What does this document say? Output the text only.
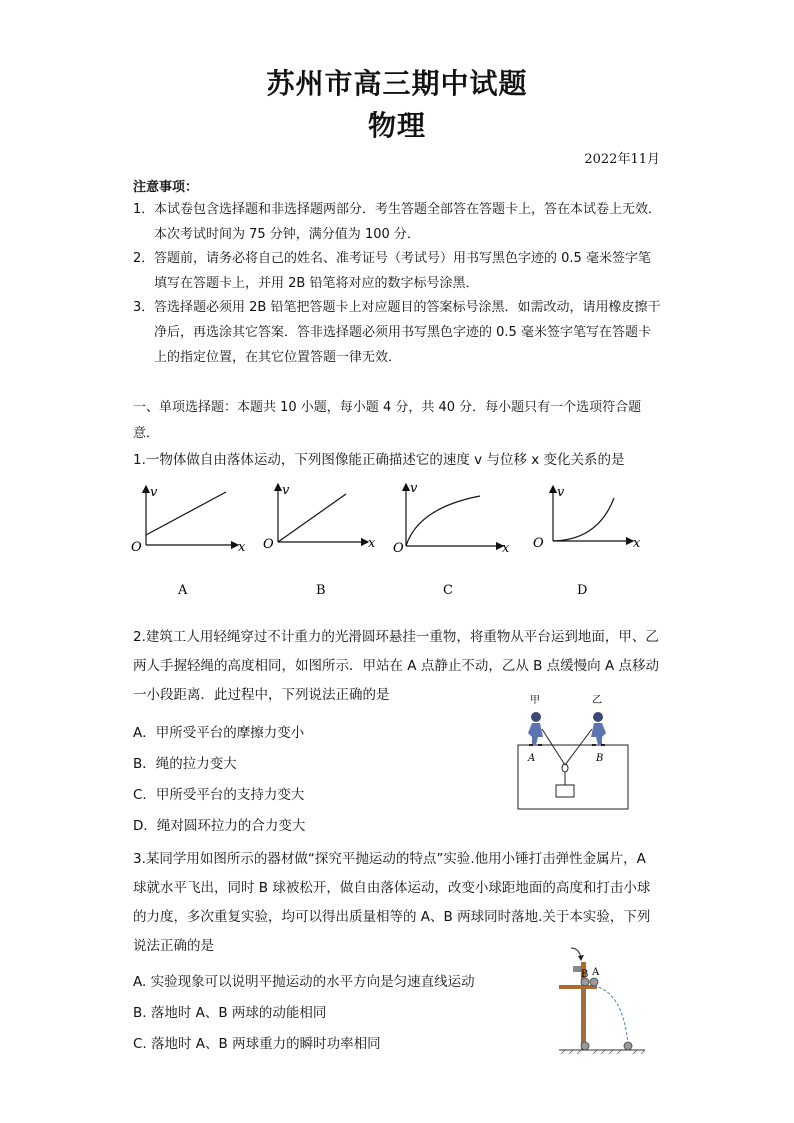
苏州市高三期中试题
物理
2022年11月
注意事项：
1． 本试卷包含选择题和非选择题两部分．考生答题全部答在答题卡上，答在本试卷上无效．本次考试时间为 75 分钟，满分值为 100 分．
2． 答题前，请务必将自己的姓名、准考证号（考试号）用书写黑色字迹的 0.5 毫米签字笔填写在答题卡上，并用 2B 铅笔将对应的数字标号涂黑．
3． 答选择题必须用 2B 铅笔把答题卡上对应题目的答案标号涂黑．如需改动，请用橡皮擦干净后，再选涂其它答案．答非选择题必须用书写黑色字迹的 0.5 毫米签字笔写在答题卡上的指定位置，在其它位置答题一律无效．
一、单项选择题：本题共 10 小题，每小题 4 分，共 40 分．每小题只有一个选项符合题意．
1.一物体做自由落体运动，下列图像能正确描述它的速度 v 与位移 x 变化关系的是
v
x
O
A
v
x
O
B
v
x
O
C
v
x
O
D
2.建筑工人用轻绳穿过不计重力的光滑圆环悬挂一重物，将重物从平台运到地面，甲、乙两人手握轻绳的高度相同，如图所示．甲站在 A 点静止不动，乙从 B 点缓慢向 A 点移动一小段距离．此过程中，下列说法正确的是
A．甲所受平台的摩擦力变小
B．绳的拉力变大
C．甲所受平台的支持力变大
D．绳对圆环拉力的合力变大
甲	乙
A	B
3.某同学用如图所示的器材做“探究平抛运动的特点”实验.他用小锤打击弹性金属片，A 球就水平飞出，同时 B 球被松开，做自由落体运动，改变小球距地面的高度和打击小球的力度，多次重复实验，均可以得出质量相等的 A、B 两球同时落地.关于本实验，下列说法正确的是
A. 实验现象可以说明平抛运动的水平方向是匀速直线运动
B. 落地时 A、B 两球的动能相同
C. 落地时 A、B 两球重力的瞬时功率相同
B A
